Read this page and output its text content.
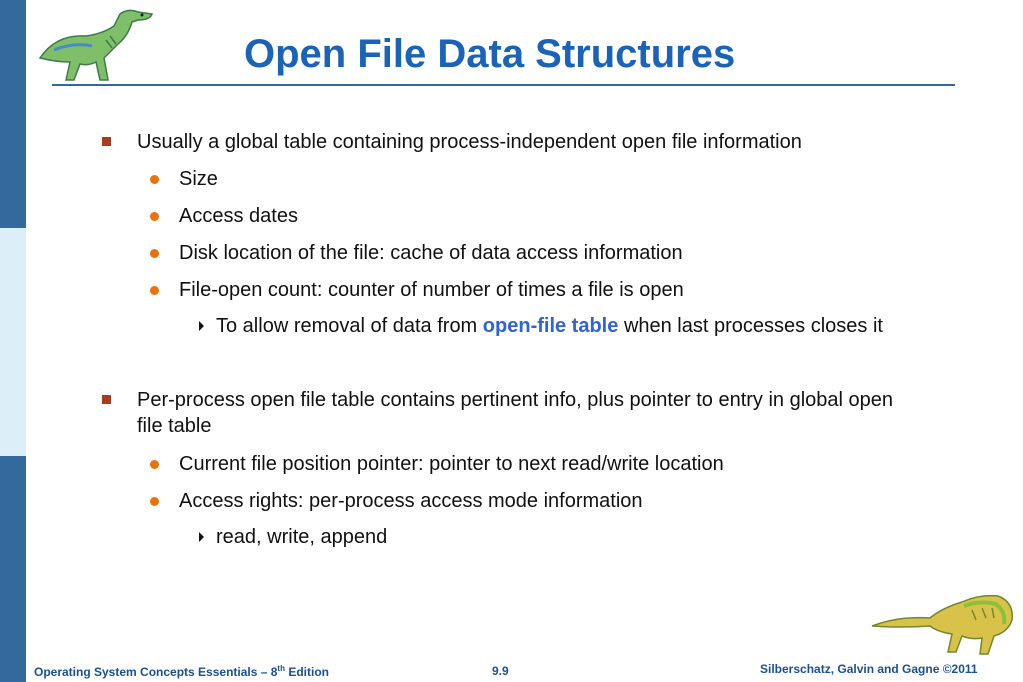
Open File Data Structures
Usually a global table containing process-independent open file information
Size
Access dates
Disk location of the file: cache of data access information
File-open count: counter of number of times a file is open
To allow removal of data from open-file table when last processes closes it
Per-process open file table contains pertinent info, plus pointer to entry in global open
file table
Current file position pointer: pointer to next read/write location
Access rights: per-process access mode information
read, write, append
Operating System Concepts Essentials – 8th Edition	9.9	Silberschatz, Galvin and Gagne ©2011
